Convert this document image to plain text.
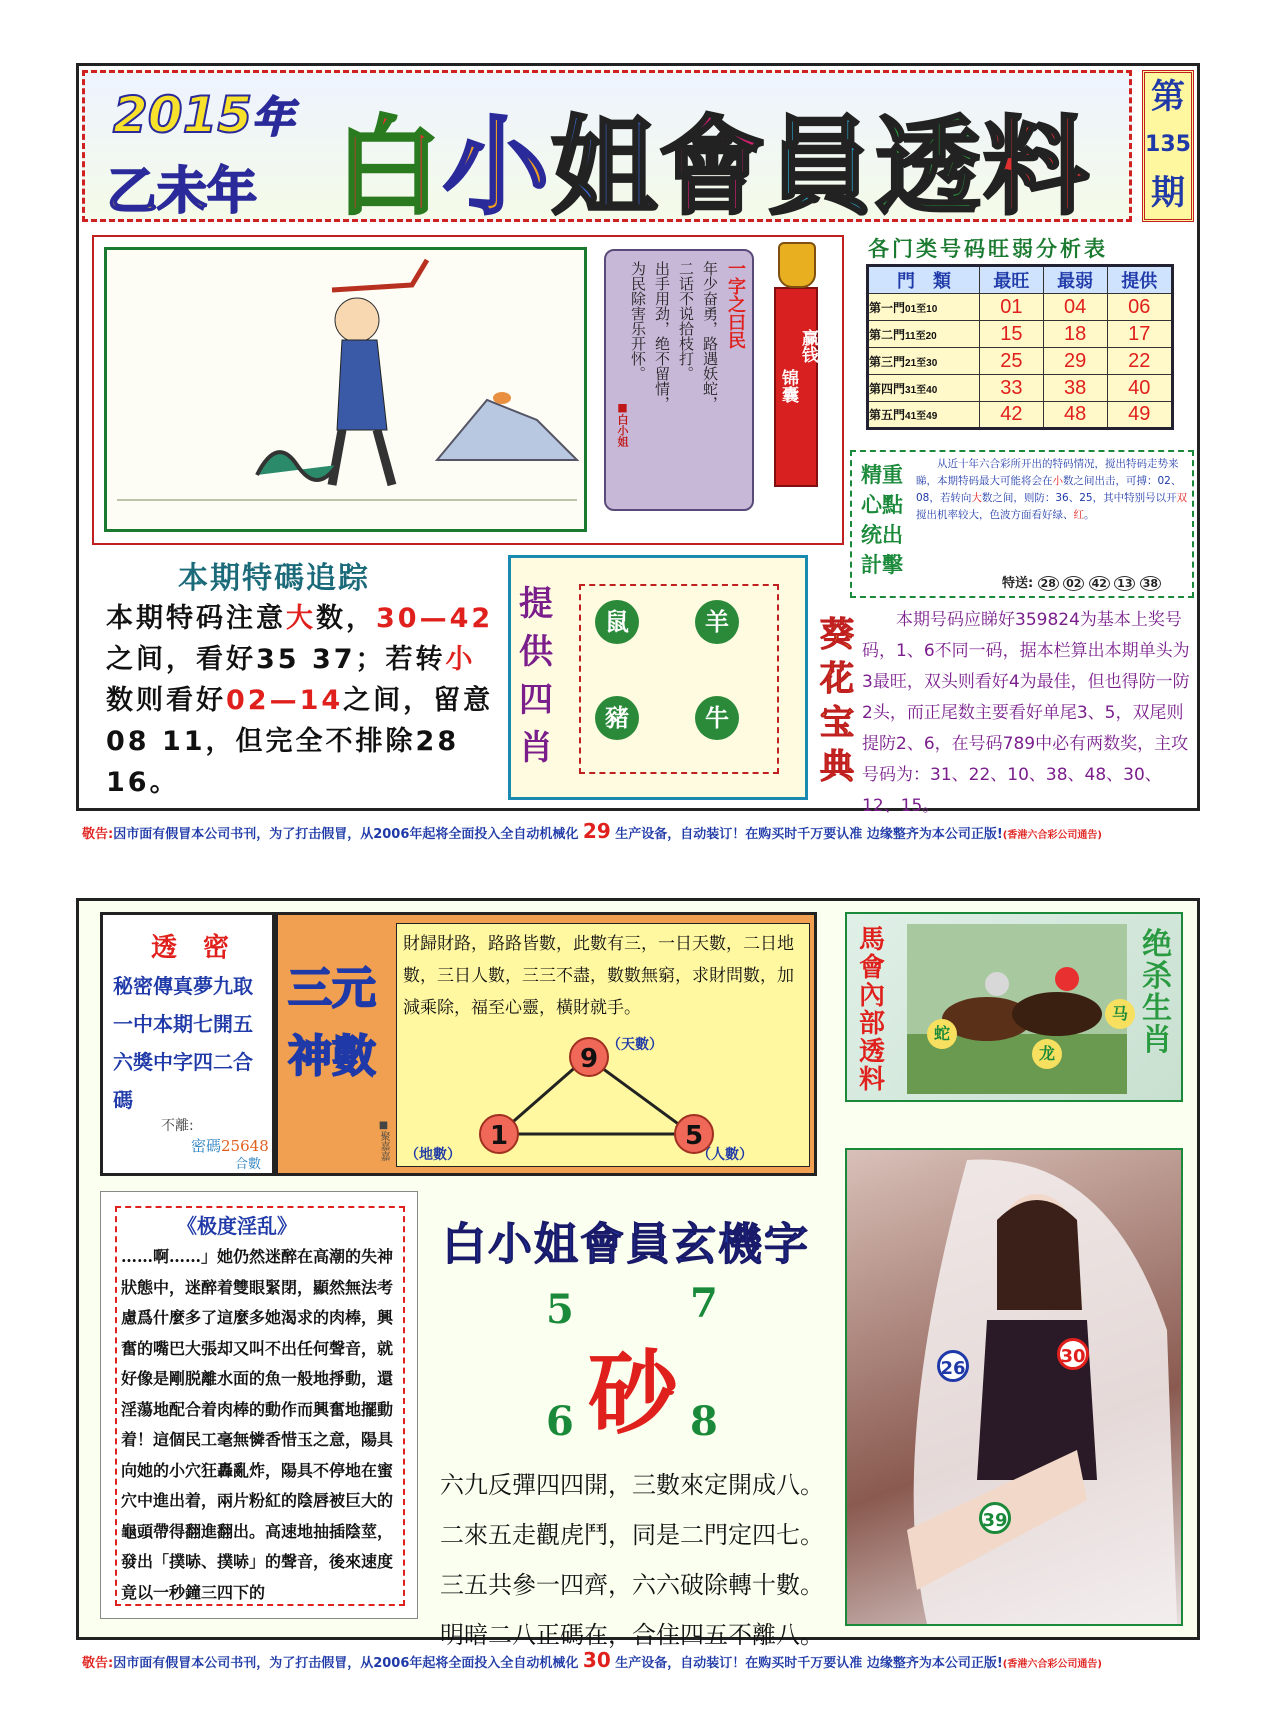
2015年
乙未年 白小姐會員透料
第
135
期
一字之曰民
年少奋勇，路遇妖蛇，
二话不说拾枝打。
出手用劲，绝不留情，
为民除害乐开怀。
■白小姐
赢钱
锦囊
各门类号码旺弱分析表
門　類	最旺	最弱	提供
第一門01至10	01	04	06
第二門11至20	15	18	17
第三門21至30	25	29	22
第四門31至40	33	38	40
第五門41至49	42	48	49
精重
心點
统出
計擊
从近十年六合彩所开出的特码情况，搅出特码走势来睇，本期特码最大可能将会在小数之间出击，可搏：02、08，若转向大数之间，则防：36、25，其中特别号以开双搅出机率较大，色波方面看好绿、红。
特送: 28 02 42 13 38
本期特碼追踪
本期特码注意大数，30—42之间，看好35 37；若转小数则看好02—14之间，留意08 11，但完全不排除28 16。
提供四肖
鼠	羊
豬	牛
葵花宝典
本期号码应睇好359824为基本上奖号码，1、6不同一码，据本栏算出本期单头为3最旺，双头则看好4为最佳，但也得防一防2头，而正尾数主要看好单尾3、5，双尾则提防2、6，在号码789中必有两数奖，主攻号码为：31、22、10、38、48、30、12、15。
敬告:因市面有假冒本公司书刊，为了打击假冒，从2006年起将全面投入全自动机械化 29 生产设备，自动装订！在购买时千万要认准 边缘整齐为本公司正版!(香港六合彩公司通告)
透　密
秘密傳真夢九取
一中本期七開五
六獎中字四二合
碼
不離:
密碼25648
合數
三元
神數
■聚嘉嘉
財歸財路，路路皆數，此數有三，一日天數，二日地數，三日人數，三三不盡，數數無窮，求財問數，加減乘除，福至心靈，橫財就手。
9 （天數）
1
（地數）
5
（人數）
馬會內部透料
蛇
龙
马
绝杀生肖
26
30
39
《极度淫乱》
……啊……」她仍然迷醉在高潮的失神狀態中，迷醉着雙眼緊閉，顯然無法考慮爲什麼多了這麼多她渴求的肉棒，興奮的嘴巴大張却又叫不出任何聲音，就好像是剛脱離水面的魚一般地掙動，還淫蕩地配合着肉棒的動作而興奮地擺動着！這個民工毫無憐香惜玉之意，陽具向她的小穴狂轟亂炸，陽具不停地在蜜穴中進出着，兩片粉紅的陰唇被巨大的龜頭帶得翻進翻出。高速地抽插陰莖，發出「撲哧、撲哧」的聲音，後來速度竟以一秒鐘三四下的
白小姐會員玄機字
5	7
砂
6	8
六九反彈四四開，三數來定開成八。
二來五走觀虎鬥，同是二門定四七。
三五共參一四齊，六六破除轉十數。
明暗二八正碼在，合住四五不離八。
敬告:因市面有假冒本公司书刊，为了打击假冒，从2006年起将全面投入全自动机械化 30 生产设备，自动装订！在购买时千万要认准 边缘整齐为本公司正版!(香港六合彩公司通告)
